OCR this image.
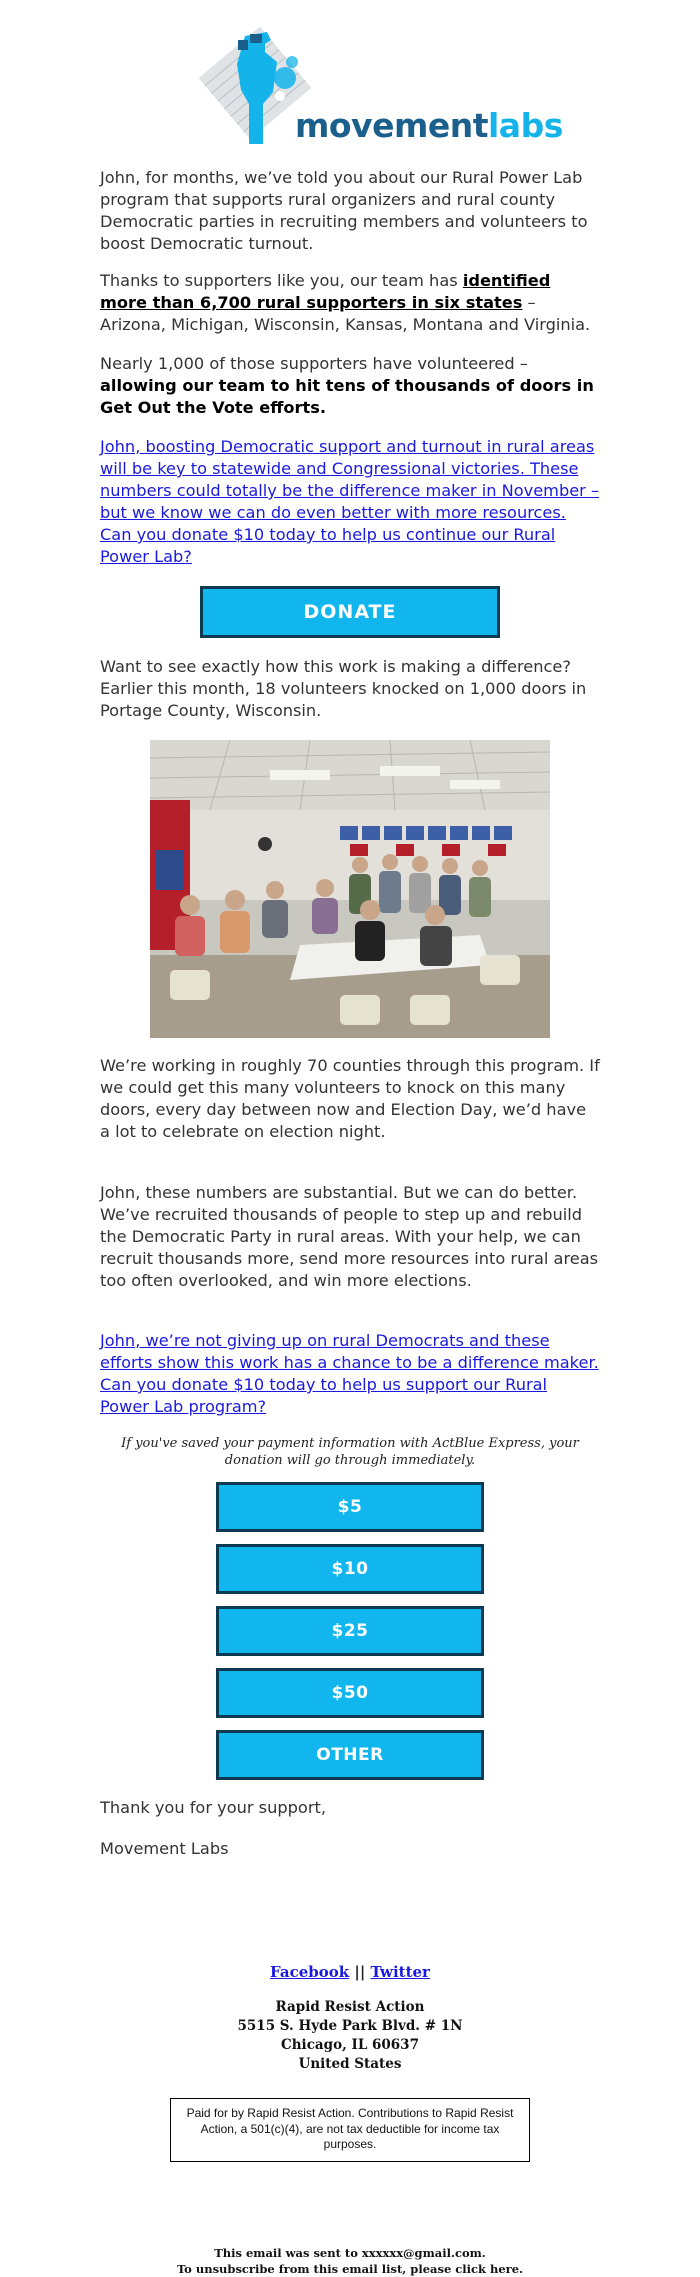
movementlabs

John, for months, we’ve told you about our Rural Power Lab program that supports rural organizers and rural county Democratic parties in recruiting members and volunteers to boost Democratic turnout.

Thanks to supporters like you, our team has identified more than 6,700 rural supporters in six states – Arizona, Michigan, Wisconsin, Kansas, Montana and Virginia.

Nearly 1,000 of those supporters have volunteered – allowing our team to hit tens of thousands of doors in Get Out the Vote efforts.

John, boosting Democratic support and turnout in rural areas will be key to statewide and Congressional victories. These numbers could totally be the difference maker in November – but we know we can do even better with more resources. Can you donate $10 today to help us continue our Rural Power Lab?

DONATE

Want to see exactly how this work is making a difference? Earlier this month, 18 volunteers knocked on 1,000 doors in Portage County, Wisconsin.

We’re working in roughly 70 counties through this program. If we could get this many volunteers to knock on this many doors, every day between now and Election Day, we’d have a lot to celebrate on election night.

John, these numbers are substantial. But we can do better. We’ve recruited thousands of people to step up and rebuild the Democratic Party in rural areas. With your help, we can recruit thousands more, send more resources into rural areas too often overlooked, and win more elections.

John, we’re not giving up on rural Democrats and these efforts show this work has a chance to be a difference maker. Can you donate $10 today to help us support our Rural Power Lab program?

If you've saved your payment information with ActBlue Express, your donation will go through immediately.

$5
$10
$25
$50
OTHER

Thank you for your support,

Movement Labs

Facebook || Twitter
Rapid Resist Action
5515 S. Hyde Park Blvd. # 1N
Chicago, IL 60637
United States
Paid for by Rapid Resist Action. Contributions to Rapid Resist Action, a 501(c)(4), are not tax deductible for income tax purposes.
This email was sent to xxxxxx@gmail.com.
To unsubscribe from this email list, please click here.
